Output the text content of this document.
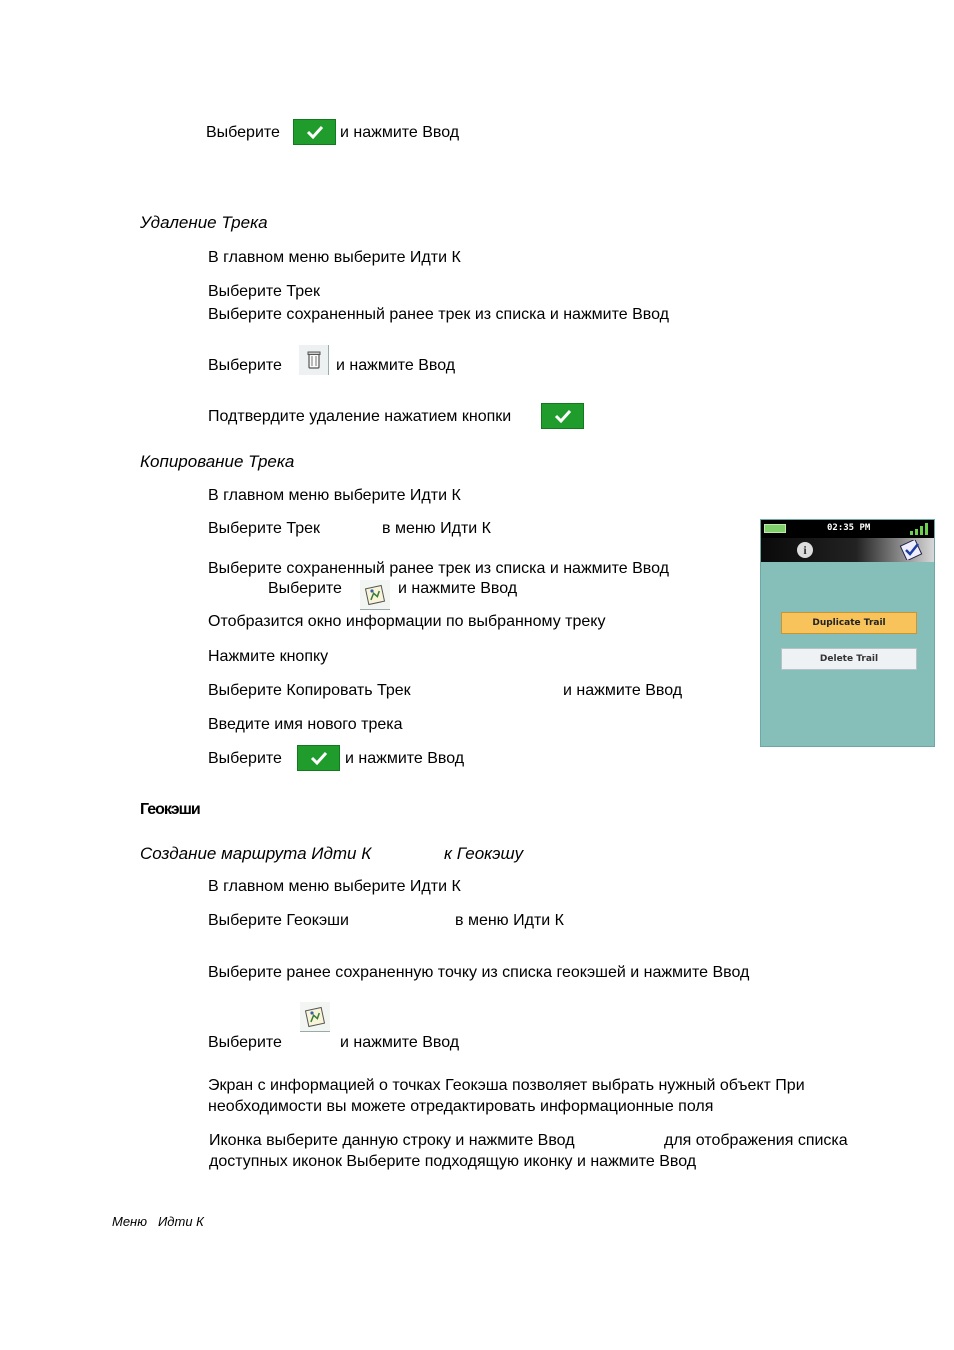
Выберите	и нажмите Ввод
Удаление Трека
В главном меню выберите Идти К
Выберите Трек
Выберите сохраненный ранее трек из списка и нажмите Ввод
Выберите	и нажмите Ввод
Подтвердите удаление нажатием кнопки
Копирование Трека
В главном меню выберите Идти К
Выберите Трек	в меню Идти К
Выберите сохраненный ранее трек из списка и нажмите Ввод
Выберите	и нажмите Ввод
Отобразится окно информации по выбранному треку
Нажмите кнопку
Выберите Копировать Трек	и нажмите Ввод
Введите имя нового трека
Выберите	и нажмите Ввод
02:35 PM
i
Duplicate Trail
Delete Trail
Геокэши
Создание маршрута Идти К	к Геокэшу
В главном меню выберите Идти К
Выберите Геокэши	в меню Идти К
Выберите ранее сохраненную точку из списка геокэшей и нажмите Ввод
Выберите	и нажмите Ввод
Экран с информацией о точках Геокэша позволяет выбрать нужный объект При
необходимости вы можете отредактировать информационные поля
Иконка выберите данную строку и нажмите Ввод	для отображения списка
доступных иконок Выберите подходящую иконку и нажмите Ввод
Меню Идти К
